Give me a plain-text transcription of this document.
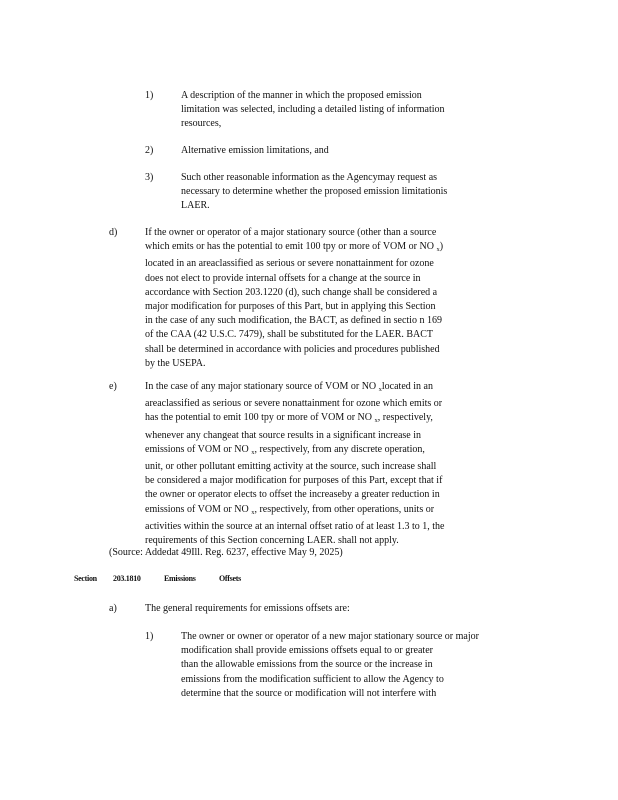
1)	A description of the manner in which the proposed emission
limitation was selected, including a detailed listing of information
resources,
2)	Alternative emission limitations, and
3)	Such other reasonable information as the Agencymay request as
necessary to determine whether the proposed emission limitationis
LAER.
d)	If the owner or operator of a major stationary source (other than a source
which emits or has the potential to emit 100 tpy or more of VOM or NO $_x$)
located in an areaclassified as serious or severe nonattainment for ozone
does not elect to provide internal offsets for a change at the source in
accordance with Section 203.1220 (d), such change shall be considered a
major modification for purposes of this Part, but in applying this Section
in the case of any such modification, the BACT, as defined in sectio n 169
of the CAA (42 U.S.C. 7479), shall be substituted for the LAER. BACT
shall be determined in accordance with policies and procedures published
by the USEPA.
e)	In the case of any major stationary source of VOM or NO $_x$located in an
areaclassified as serious or severe nonattainment for ozone which emits or
has the potential to emit 100 tpy or more of VOM or NO $_x$, respectively,
whenever any changeat that source results in a significant increase in
emissions of VOM or NO $_x$, respectively, from any discrete operation,
unit, or other pollutant emitting activity at the source, such increase shall
be considered a major modification for purposes of this Part, except that if
the owner or operator elects to offset the increaseby a greater reduction in
emissions of VOM or NO $_x$, respectively, from other operations, units or
activities within the source at an internal offset ratio of at least 1.3 to 1, the
requirements of this Section concerning LAER. shall not apply.
(Source: Addedat 49Ill. Reg. 6237, effective May 9, 2025)
Section 203.1810	Emissions	Offsets
a)	The general requirements for emissions offsets are:
1)	The owner or owner or operator of a new major stationary source or major
modification shall provide emissions offsets equal to or greater
than the allowable emissions from the source or the increase in
emissions from the modification sufficient to allow the Agency to
determine that the source or modification will not interfere with
